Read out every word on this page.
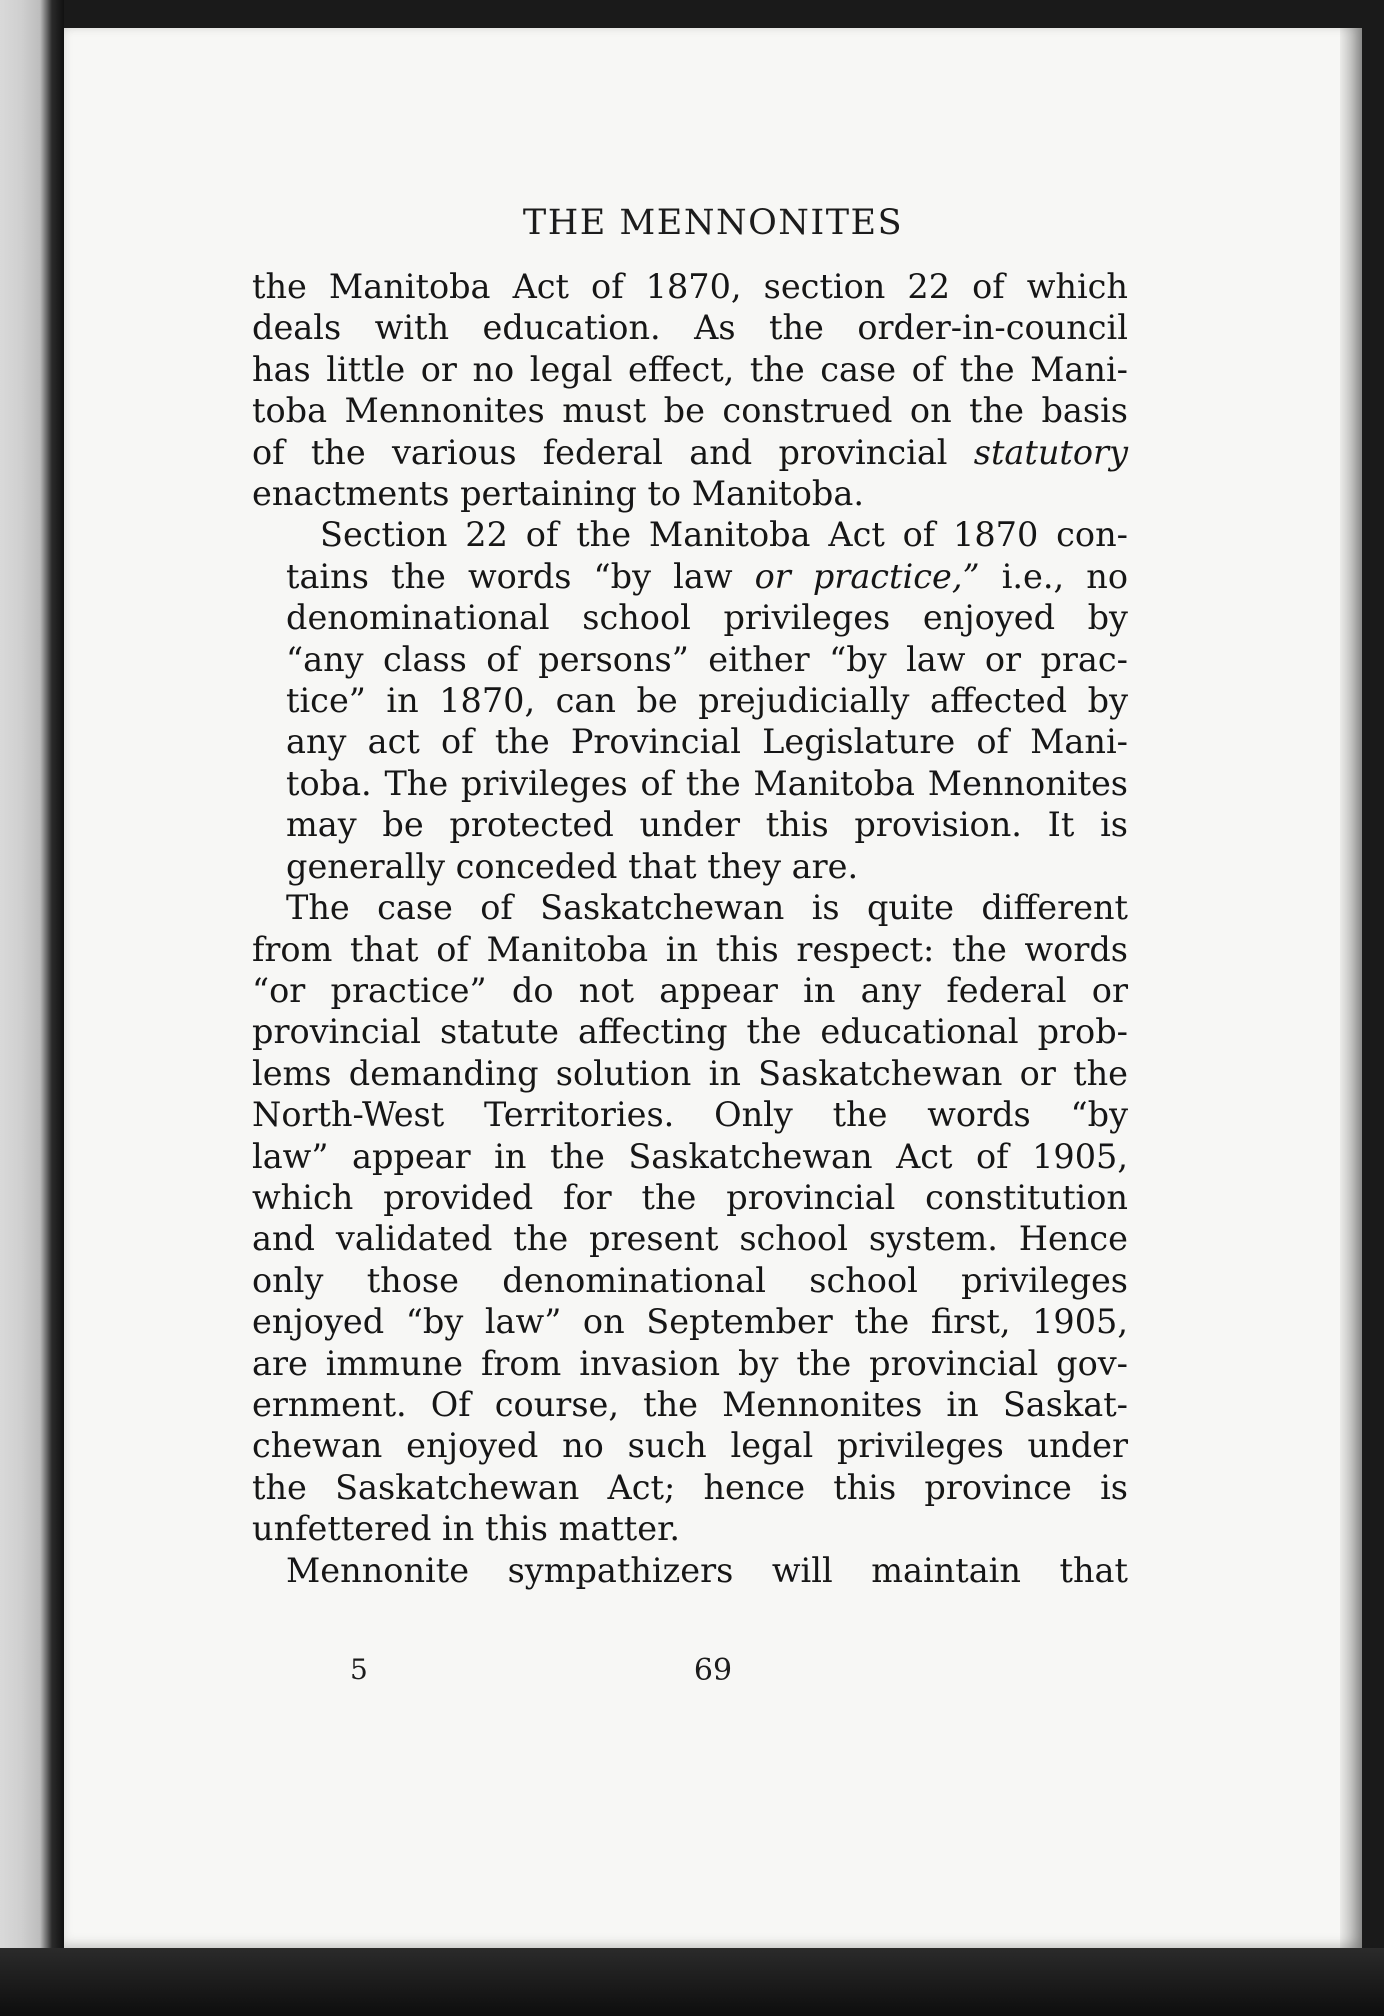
THE MENNONITES

the Manitoba Act of 1870, section 22 of which
deals with education. As the order-in-council
has little or no legal effect, the case of the Mani-
toba Mennonites must be construed on the basis
of the various federal and provincial statutory
enactments pertaining to Manitoba.

Section 22 of the Manitoba Act of 1870 con-
tains the words “by law or practice,” i.e., no
denominational school privileges enjoyed by
“any class of persons” either “by law or prac-
tice” in 1870, can be prejudicially affected by
any act of the Provincial Legislature of Mani-
toba. The privileges of the Manitoba Mennonites
may be protected under this provision. It is
generally conceded that they are.

The case of Saskatchewan is quite different
from that of Manitoba in this respect: the words
“or practice” do not appear in any federal or
provincial statute affecting the educational prob-
lems demanding solution in Saskatchewan or the
North-West Territories. Only the words “by
law” appear in the Saskatchewan Act of 1905,
which provided for the provincial constitution
and validated the present school system. Hence
only those denominational school privileges
enjoyed “by law” on September the first, 1905,
are immune from invasion by the provincial gov-
ernment. Of course, the Mennonites in Saskat-
chewan enjoyed no such legal privileges under
the Saskatchewan Act; hence this province is
unfettered in this matter.

Mennonite sympathizers will maintain that

5	69
